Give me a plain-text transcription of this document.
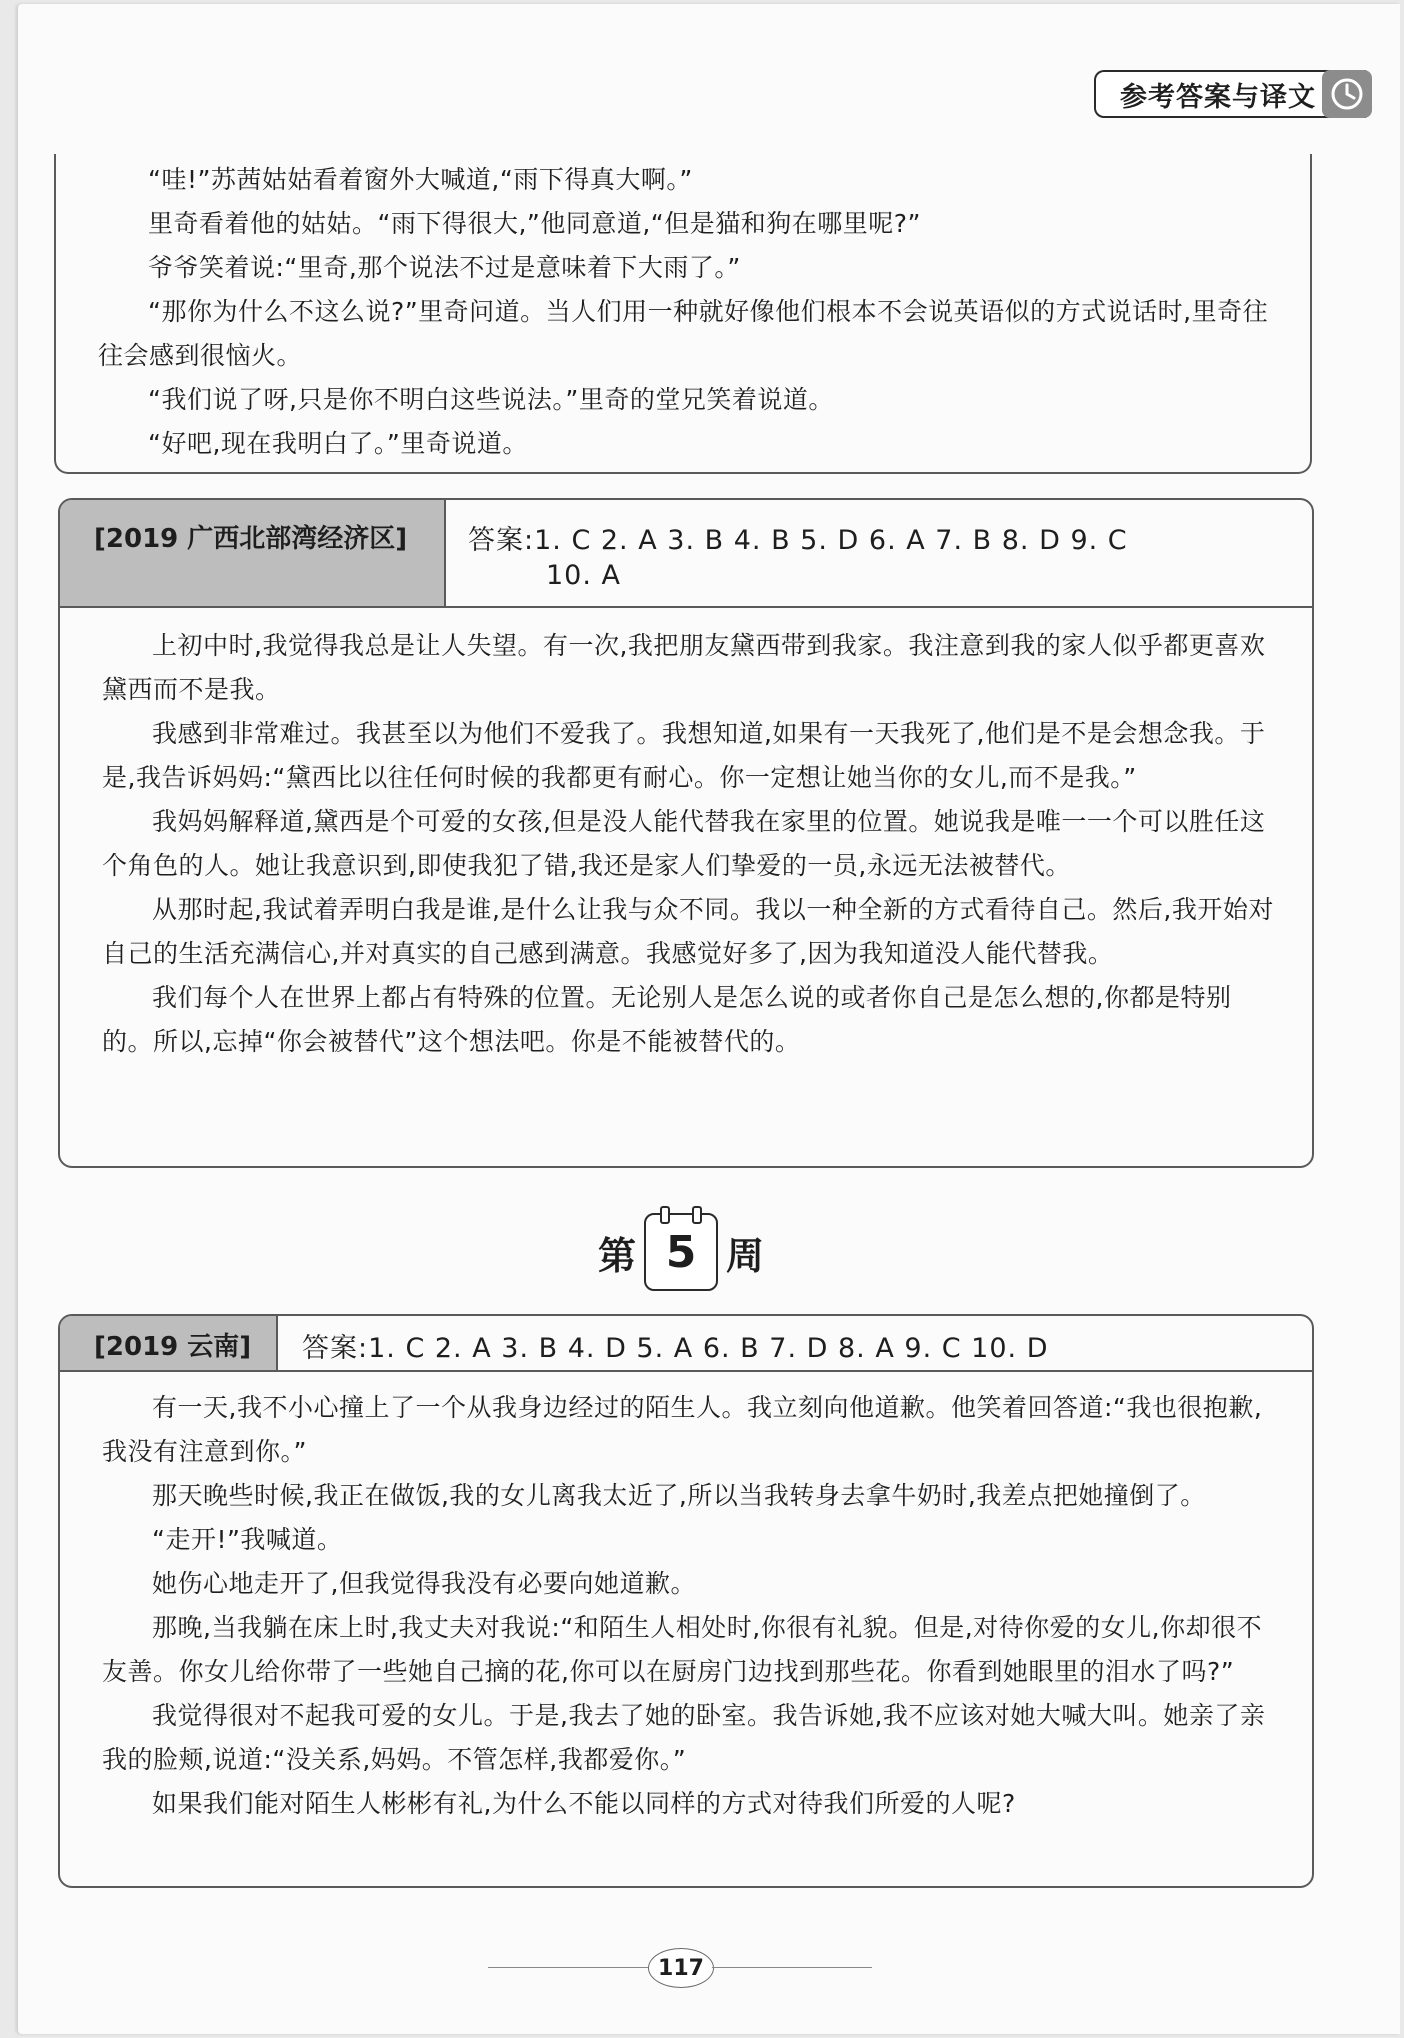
参考答案与译文

“哇!”苏茜姑姑看着窗外大喊道,“雨下得真大啊。”

里奇看着他的姑姑。“雨下得很大,”他同意道,“但是猫和狗在哪里呢?”

爷爷笑着说:“里奇,那个说法不过是意味着下大雨了。”

“那你为什么不这么说?”里奇问道。当人们用一种就好像他们根本不会说英语似的方式说话时,里奇往往会感到很恼火。

“我们说了呀,只是你不明白这些说法。”里奇的堂兄笑着说道。

“好吧,现在我明白了。”里奇说道。

[2019 广西北部湾经济区]	答案:1. C 2. A 3. B 4. B 5. D 6. A 7. B 8. D 9. C
10. A

上初中时,我觉得我总是让人失望。有一次,我把朋友黛西带到我家。我注意到我的家人似乎都更喜欢黛西而不是我。

我感到非常难过。我甚至以为他们不爱我了。我想知道,如果有一天我死了,他们是不是会想念我。于是,我告诉妈妈:“黛西比以往任何时候的我都更有耐心。你一定想让她当你的女儿,而不是我。”

我妈妈解释道,黛西是个可爱的女孩,但是没人能代替我在家里的位置。她说我是唯一一个可以胜任这个角色的人。她让我意识到,即使我犯了错,我还是家人们挚爱的一员,永远无法被替代。

从那时起,我试着弄明白我是谁,是什么让我与众不同。我以一种全新的方式看待自己。然后,我开始对自己的生活充满信心,并对真实的自己感到满意。我感觉好多了,因为我知道没人能代替我。

我们每个人在世界上都占有特殊的位置。无论别人是怎么说的或者你自己是怎么想的,你都是特别的。所以,忘掉“你会被替代”这个想法吧。你是不能被替代的。

第 5 周
[2019 云南]	答案:1. C 2. A 3. B 4. D 5. A 6. B 7. D 8. A 9. C 10. D

有一天,我不小心撞上了一个从我身边经过的陌生人。我立刻向他道歉。他笑着回答道:“我也很抱歉,我没有注意到你。”

那天晚些时候,我正在做饭,我的女儿离我太近了,所以当我转身去拿牛奶时,我差点把她撞倒了。

“走开!”我喊道。

她伤心地走开了,但我觉得我没有必要向她道歉。

那晚,当我躺在床上时,我丈夫对我说:“和陌生人相处时,你很有礼貌。但是,对待你爱的女儿,你却很不友善。你女儿给你带了一些她自己摘的花,你可以在厨房门边找到那些花。你看到她眼里的泪水了吗?”

我觉得很对不起我可爱的女儿。于是,我去了她的卧室。我告诉她,我不应该对她大喊大叫。她亲了亲我的脸颊,说道:“没关系,妈妈。不管怎样,我都爱你。”

如果我们能对陌生人彬彬有礼,为什么不能以同样的方式对待我们所爱的人呢?

117
